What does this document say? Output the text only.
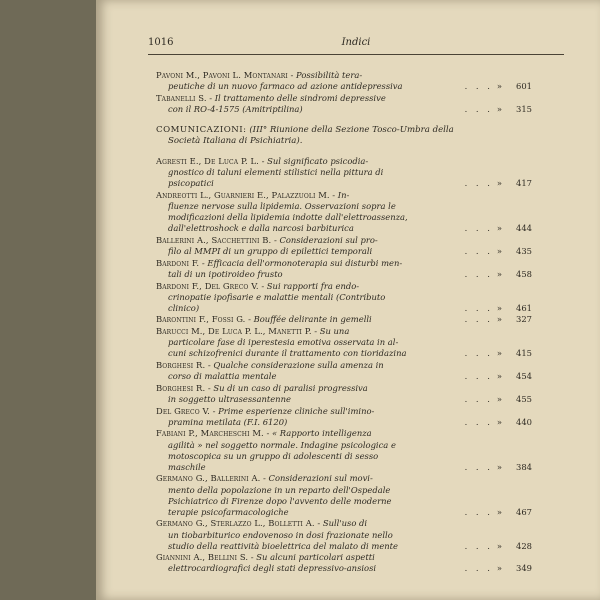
1016	Indici
COMUNICAZIONI: (III° Riunione della Sezione Tosco-Umbra della
Società Italiana di Psichiatria).
Pavoni M., Pavoni L. Montanari - Possibilità tera-
peutiche di un nuovo farmaco ad azione antidepressiva	. . . » 601
Tabanelli S. - Il trattamento delle sindromi depressive
con il RO-4-1575 (Amitriptilina)	. . . » 315
Agresti E., De Luca P. L. - Sul significato psicodia-
gnostico di taluni elementi stilistici nella pittura di
psicopatici	. . . » 417
Andreotti L., Guarnieri E., Palazzuoli M. - In-
fluenze nervose sulla lipidemia. Osservazioni sopra le
modificazioni della lipidemia indotte dall'elettroassenza,
dall'elettroshock e dalla narcosi barbiturica	. . . » 444
Ballerini A., Sacchettini B. - Considerazioni sul pro-
filo al MMPI di un gruppo di epilettici temporali	. . . » 435
Bardoni F. - Efficacia dell'ormonoterapia sui disturbi men-
tali di un ipotiroideo frusto	. . . » 458
Bardoni F., Del Greco V. - Sui rapporti fra endo-
crinopatie ipofisarie e malattie mentali (Contributo
clinico)	. . . » 461
Barontini F., Fossi G. - Bouffée delirante in gemelli	. . . » 327
Barucci M., De Luca P. L., Manetti P. - Su una
particolare fase di iperestesia emotiva osservata in al-
cuni schizofrenici durante il trattamento con tioridazina	. . . » 415
Borghesi R. - Qualche considerazione sulla amenza in
corso di malattia mentale	. . . » 454
Borghesi R. - Su di un caso di paralisi progressiva
in soggetto ultrasessantenne	. . . » 455
Del Greco V. - Prime esperienze cliniche sull'imino-
pramina metilata (F.I. 6120)	. . . » 440
Fabiani P., Marcheschi M. - « Rapporto intelligenza
agilità » nel soggetto normale. Indagine psicologica e
motoscopica su un gruppo di adolescenti di sesso
maschile	. . . » 384
Germano G., Ballerini A. - Considerazioni sul movi-
mento della popolazione in un reparto dell'Ospedale
Psichiatrico di Firenze dopo l'avvento delle moderne
terapie psicofarmacologiche	. . . » 467
Germano G., Sterlazzo L., Bolletti A. - Sull'uso di
un tiobarbiturico endovenoso in dosi frazionate nello
studio della reattività bioelettrica del malato di mente	. . . » 428
Giannini A., Bellini S. - Su alcuni particolari aspetti
elettrocardiografici degli stati depressivo-ansiosi	. . . » 349
